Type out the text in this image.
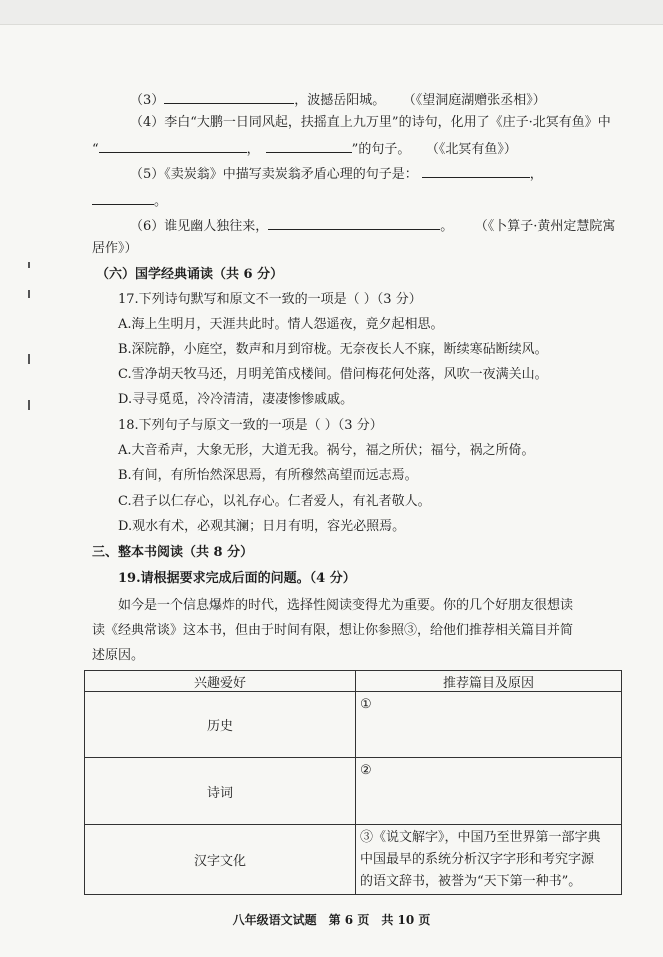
（3）	，波撼岳阳城。 （《望洞庭湖赠张丞相》）
（4）李白“大鹏一日同风起，扶摇直上九万里”的诗句，化用了《庄子·北冥有鱼》中
“	，	”的句子。 （《北冥有鱼》）
（5）《卖炭翁》中描写卖炭翁矛盾心理的句子是：	，
。
（6）谁见幽人独往来，	。 （《卜算子·黄州定慧院寓
居作》）
（六）国学经典诵读（共 6 分）
17.下列诗句默写和原文不一致的一项是（ ）（3 分）
A.海上生明月，天涯共此时。情人怨遥夜，竟夕起相思。
B.深院静，小庭空，数声和月到帘栊。无奈夜长人不寐，断续寒砧断续风。
C.雪净胡天牧马还，月明羌笛戍楼间。借问梅花何处落，风吹一夜满关山。
D.寻寻觅觅，冷冷清清，凄凄惨惨戚戚。
18.下列句子与原文一致的一项是（ ）（3 分）
A.大音希声，大象无形，大道无我。祸兮，福之所伏；福兮，祸之所倚。
B.有间，有所怡然深思焉，有所穆然高望而远志焉。
C.君子以仁存心，以礼存心。仁者爱人，有礼者敬人。
D.观水有术，必观其澜；日月有明，容光必照焉。
三、整本书阅读（共 8 分）
19.请根据要求完成后面的问题。（4 分）
如今是一个信息爆炸的时代，选择性阅读变得尤为重要。你的几个好朋友很想读
读《经典常谈》这本书，但由于时间有限，想让你参照③，给他们推荐相关篇目并简
述原因。
兴趣爱好	推荐篇目及原因
历史	①

诗词	②

汉字文化	③《说文解字》，中国乃至世界第一部字典
中国最早的系统分析汉字字形和考究字源
的语文辞书，被誉为“天下第一种书”。
八年级语文试题 第 6 页 共 10 页
